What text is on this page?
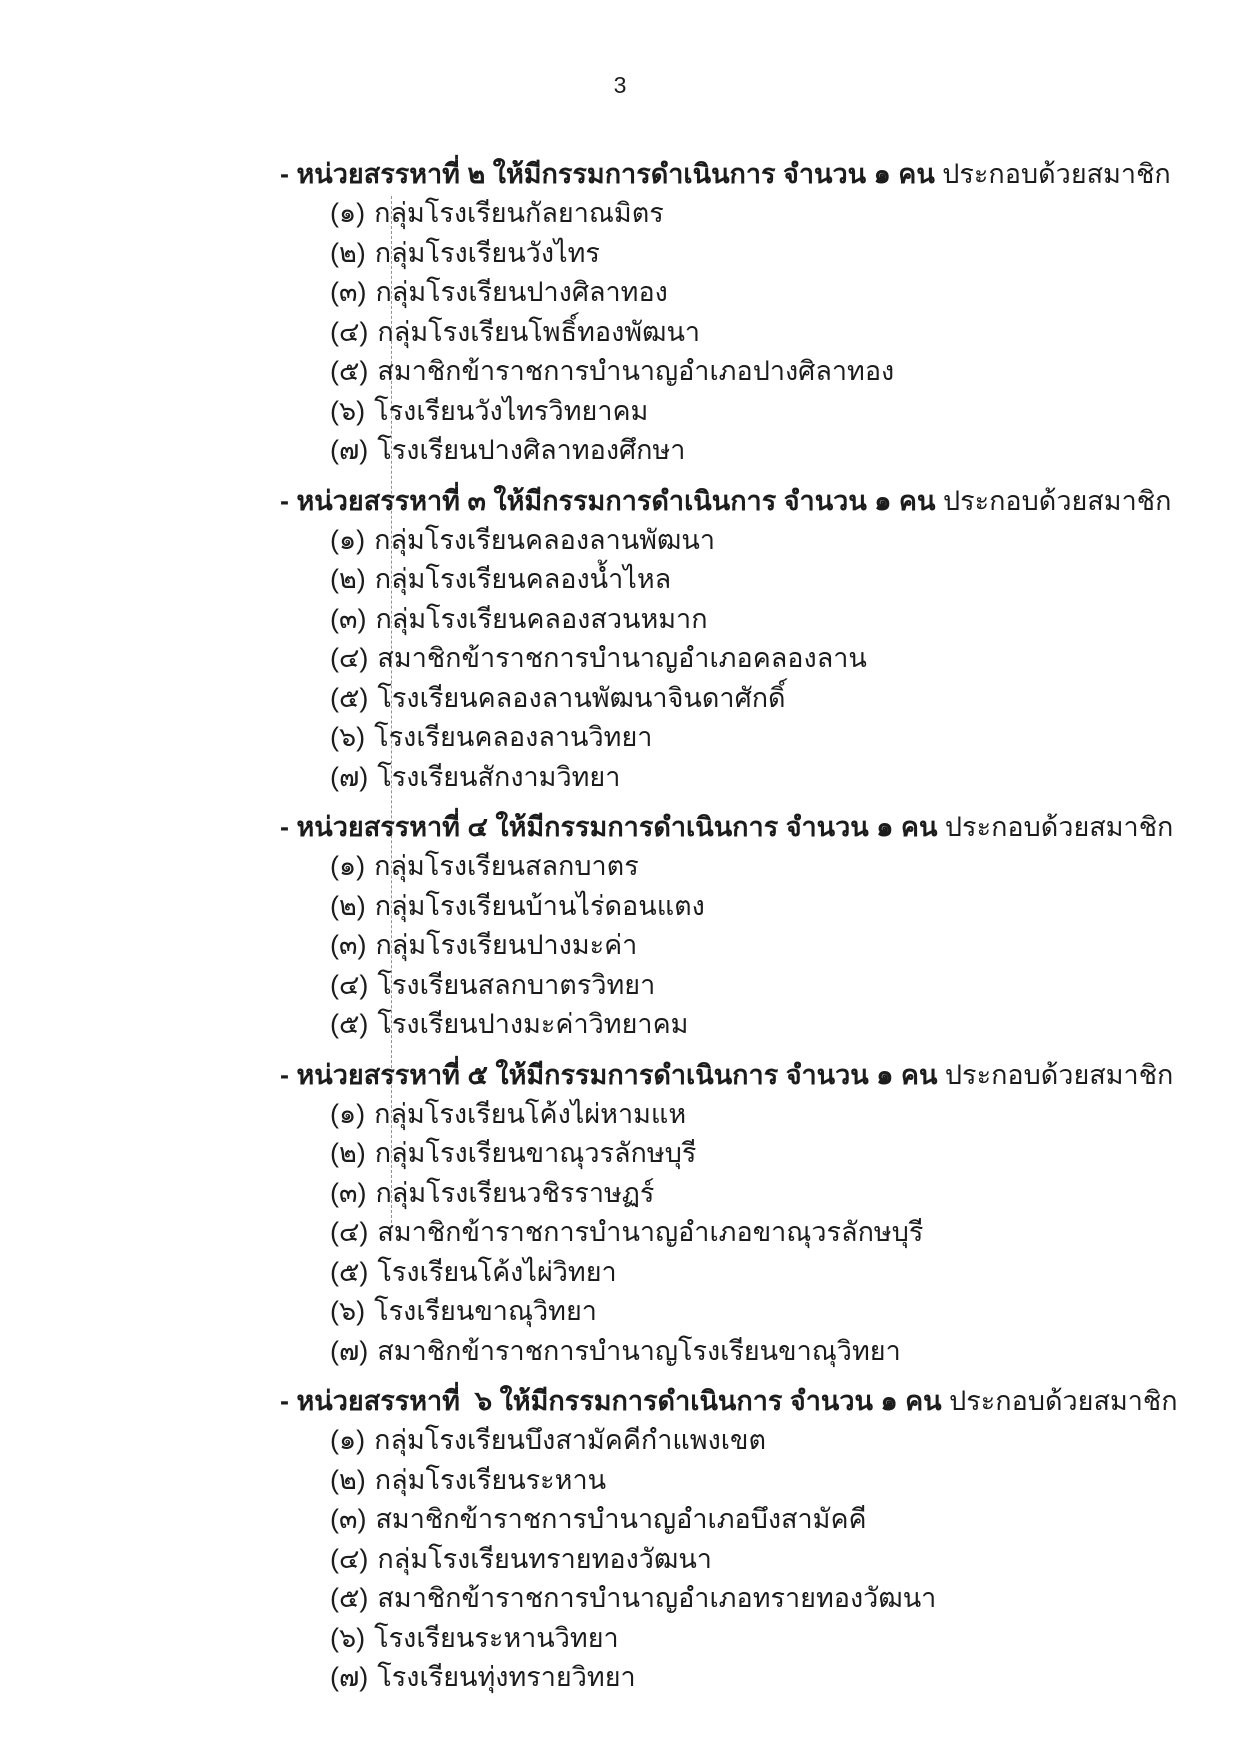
3

- หน่วยสรรหาที่ ๒ ให้มีกรรมการดำเนินการ จำนวน ๑ คน ประกอบด้วยสมาชิก

(๑) กลุ่มโรงเรียนกัลยาณมิตร
(๒) กลุ่มโรงเรียนวังไทร
(๓) กลุ่มโรงเรียนปางศิลาทอง
(๔) กลุ่มโรงเรียนโพธิ์ทองพัฒนา
(๕) สมาชิกข้าราชการบำนาญอำเภอปางศิลาทอง
(๖) โรงเรียนวังไทรวิทยาคม
(๗) โรงเรียนปางศิลาทองศึกษา

- หน่วยสรรหาที่ ๓ ให้มีกรรมการดำเนินการ จำนวน ๑ คน ประกอบด้วยสมาชิก

(๑) กลุ่มโรงเรียนคลองลานพัฒนา
(๒) กลุ่มโรงเรียนคลองน้ำไหล
(๓) กลุ่มโรงเรียนคลองสวนหมาก
(๔) สมาชิกข้าราชการบำนาญอำเภอคลองลาน
(๕) โรงเรียนคลองลานพัฒนาจินดาศักดิ์
(๖) โรงเรียนคลองลานวิทยา
(๗) โรงเรียนสักงามวิทยา

- หน่วยสรรหาที่ ๔ ให้มีกรรมการดำเนินการ จำนวน ๑ คน ประกอบด้วยสมาชิก

(๑) กลุ่มโรงเรียนสลกบาตร
(๒) กลุ่มโรงเรียนบ้านไร่ดอนแตง
(๓) กลุ่มโรงเรียนปางมะค่า
(๔) โรงเรียนสลกบาตรวิทยา
(๕) โรงเรียนปางมะค่าวิทยาคม

- หน่วยสรรหาที่ ๕ ให้มีกรรมการดำเนินการ จำนวน ๑ คน ประกอบด้วยสมาชิก

(๑) กลุ่มโรงเรียนโค้งไผ่หามแห
(๒) กลุ่มโรงเรียนขาณุวรลักษบุรี
(๓) กลุ่มโรงเรียนวชิรราษฏร์
(๔) สมาชิกข้าราชการบำนาญอำเภอขาณุวรลักษบุรี
(๕) โรงเรียนโค้งไผ่วิทยา
(๖) โรงเรียนขาณุวิทยา
(๗) สมาชิกข้าราชการบำนาญโรงเรียนขาณุวิทยา

- หน่วยสรรหาที่  ๖ ให้มีกรรมการดำเนินการ จำนวน ๑ คน ประกอบด้วยสมาชิก

(๑) กลุ่มโรงเรียนบึงสามัคคีกำแพงเขต
(๒) กลุ่มโรงเรียนระหาน
(๓) สมาชิกข้าราชการบำนาญอำเภอบึงสามัคคี
(๔) กลุ่มโรงเรียนทรายทองวัฒนา
(๕) สมาชิกข้าราชการบำนาญอำเภอทรายทองวัฒนา
(๖) โรงเรียนระหานวิทยา
(๗) โรงเรียนทุ่งทรายวิทยา
